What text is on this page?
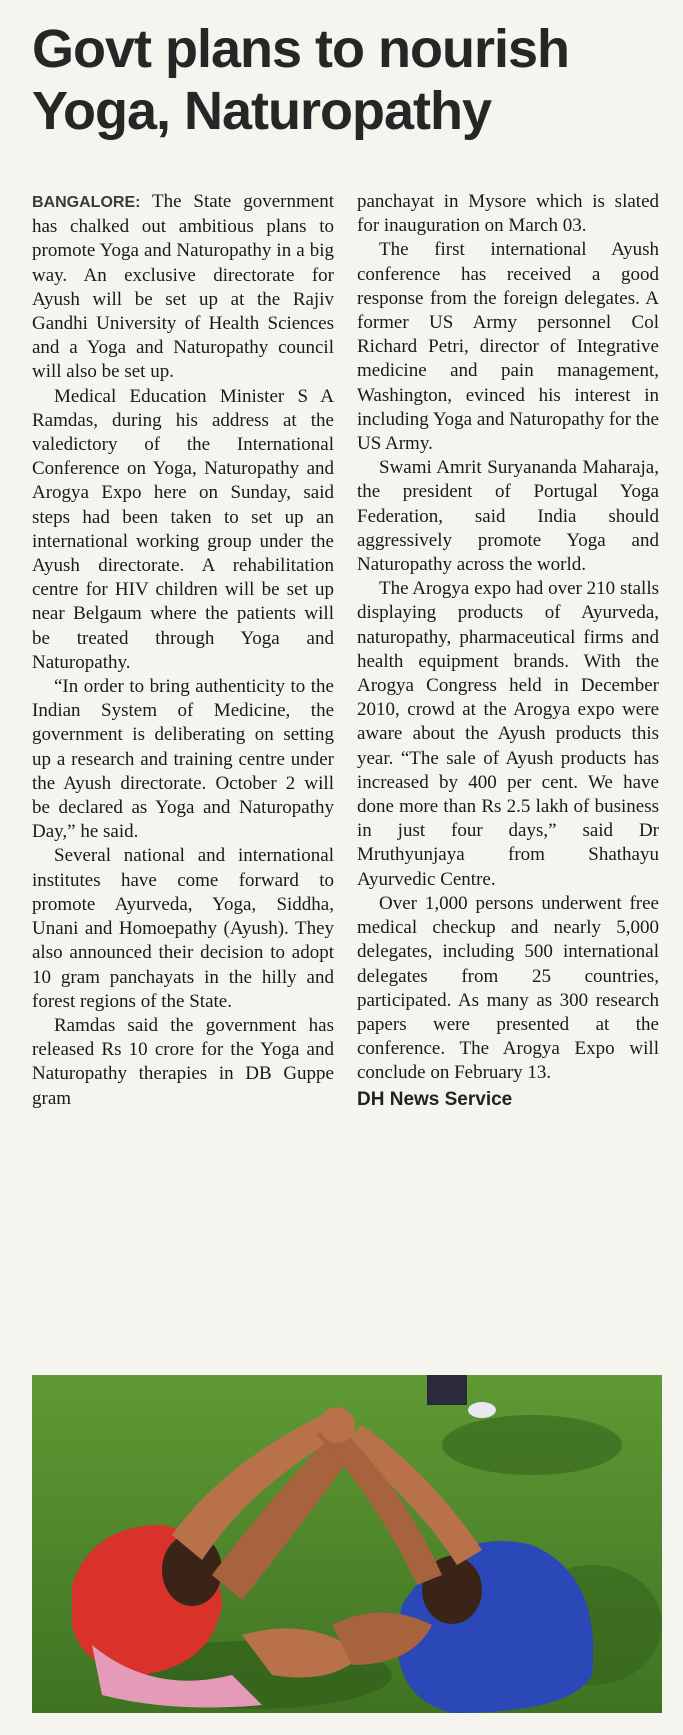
Govt plans to nourish
Yoga, Naturopathy

BANGALORE: The State government has chalked out ambitious plans to promote Yoga and Naturopathy in a big way. An exclusive directorate for Ayush will be set up at the Rajiv Gandhi University of Health Sciences and a Yoga and Naturopathy council will also be set up.

Medical Education Minister S A Ramdas, during his address at the valedictory of the International Conference on Yoga, Naturopathy and Arogya Expo here on Sunday, said steps had been taken to set up an international working group under the Ayush directorate. A rehabilitation centre for HIV children will be set up near Belgaum where the patients will be treated through Yoga and Naturopathy.

“In order to bring authenticity to the Indian System of Medicine, the government is deliberating on setting up a research and training centre under the Ayush directorate. October 2 will be declared as Yoga and Naturopathy Day,” he said.

Several national and international institutes have come forward to promote Ayurveda, Yoga, Siddha, Unani and Homoepathy (Ayush). They also announced their decision to adopt 10 gram panchayats in the hilly and forest regions of the State.

Ramdas said the government has released Rs 10 crore for the Yoga and Naturopathy therapies in DB Guppe gram

panchayat in Mysore which is slated for inauguration on March 03.

The first international Ayush conference has received a good response from the foreign delegates. A former US Army personnel Col Richard Petri, director of Integrative medicine and pain management, Washington, evinced his interest in including Yoga and Naturopathy for the US Army.

Swami Amrit Suryananda Maharaja, the president of Portugal Yoga Federation, said India should aggressively promote Yoga and Naturopathy across the world.

The Arogya expo had over 210 stalls displaying products of Ayurveda, naturopathy, pharmaceutical firms and health equipment brands. With the Arogya Congress held in December 2010, crowd at the Arogya expo were aware about the Ayush products this year. “The sale of Ayush products has increased by 400 per cent. We have done more than Rs 2.5 lakh of business in just four days,” said Dr Mruthyunjaya from Shathayu Ayurvedic Centre.

Over 1,000 persons underwent free medical checkup and nearly 5,000 delegates, including 500 international delegates from 25 countries, participated. As many as 300 research papers were presented at the conference. The Arogya Expo will conclude on February 13.

DH News Service
